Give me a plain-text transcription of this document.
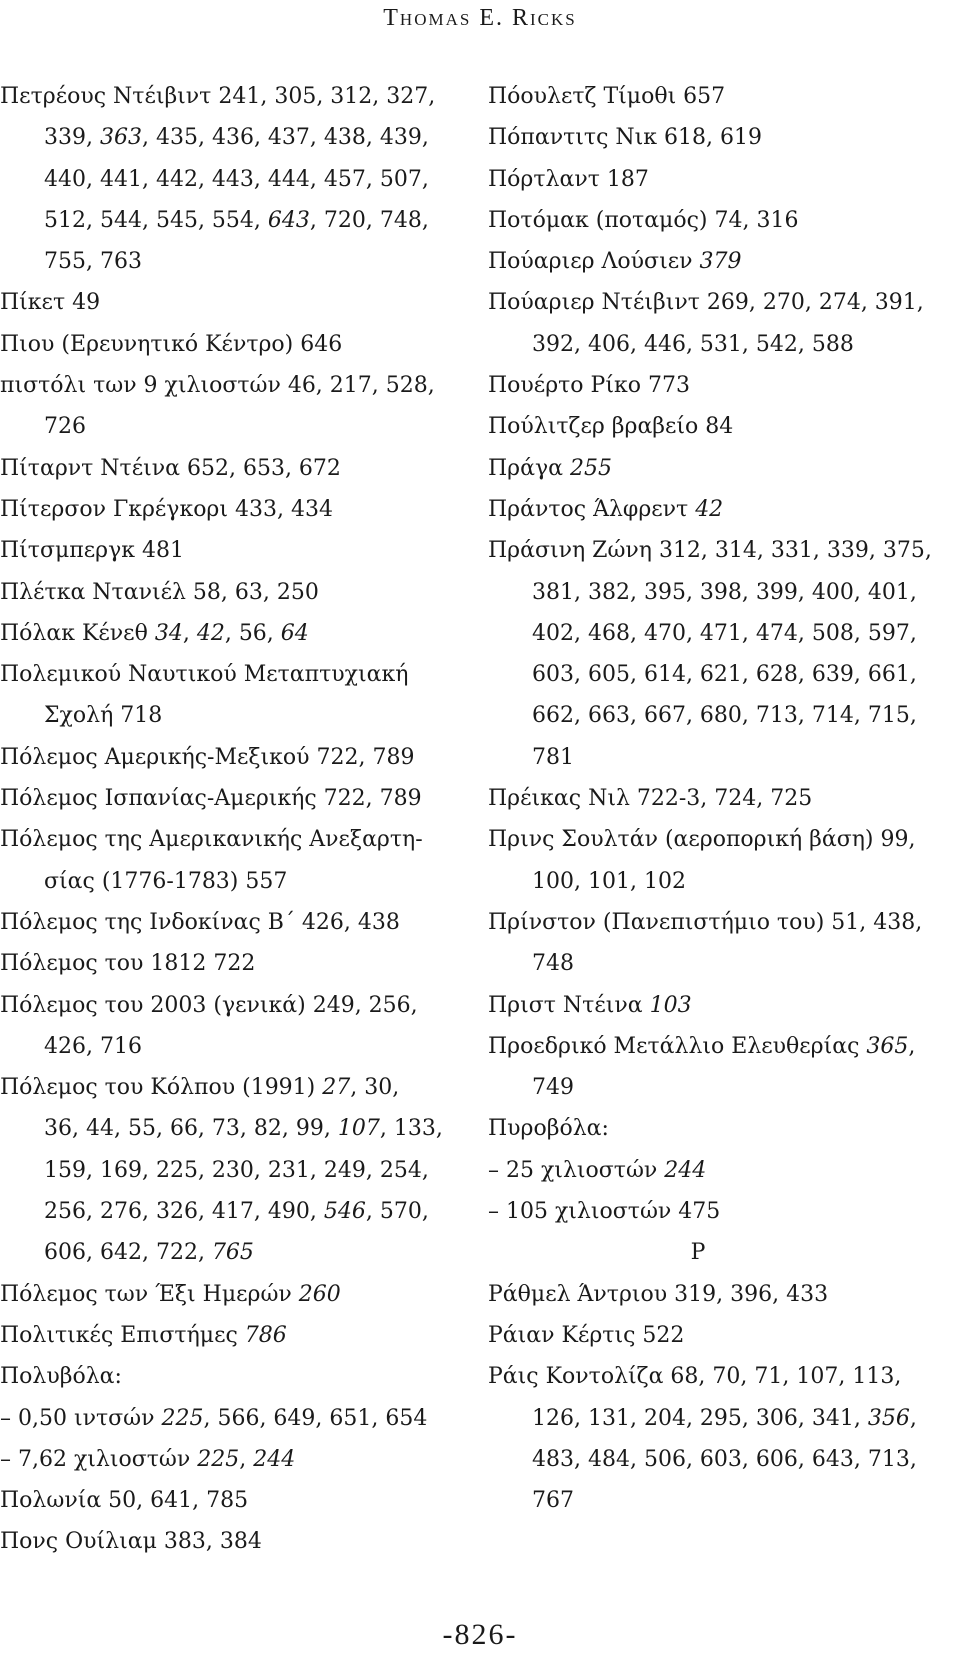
Thomas E. Ricks
Πετρέους Ντέιβιντ 241, 305, 312, 327,
339, 363, 435, 436, 437, 438, 439,
440, 441, 442, 443, 444, 457, 507,
512, 544, 545, 554, 643, 720, 748,
755, 763
Πίκετ 49
Πιου (Ερευνητικό Κέντρο) 646
πιστόλι των 9 χιλιοστών 46, 217, 528,
726
Πίταρντ Ντέινα 652, 653, 672
Πίτερσον Γκρέγκορι 433, 434
Πίτσμπεργκ 481
Πλέτκα Ντανιέλ 58, 63, 250
Πόλακ Κένεθ 34, 42, 56, 64
Πολεμικού Ναυτικού Μεταπτυχιακή
Σχολή 718
Πόλεμος Αμερικής-Μεξικού 722, 789
Πόλεμος Ισπανίας-Αμερικής 722, 789
Πόλεμος της Αμερικανικής Ανεξαρτη-
σίας (1776-1783) 557
Πόλεμος της Ινδοκίνας Β΄ 426, 438
Πόλεμος του 1812 722
Πόλεμος του 2003 (γενικά) 249, 256,
426, 716
Πόλεμος του Κόλπου (1991) 27, 30,
36, 44, 55, 66, 73, 82, 99, 107, 133,
159, 169, 225, 230, 231, 249, 254,
256, 276, 326, 417, 490, 546, 570,
606, 642, 722, 765
Πόλεμος των Έξι Ημερών 260
Πολιτικές Επιστήμες 786
Πολυβόλα:
– 0,50 ιντσών 225, 566, 649, 651, 654
– 7,62 χιλιοστών 225, 244
Πολωνία 50, 641, 785
Πονς Ουίλιαμ 383, 384
Πόουλετζ Τίμοθι 657
Πόπαντιτς Νικ 618, 619
Πόρτλαντ 187
Ποτόμακ (ποταμός) 74, 316
Πούαριερ Λούσιεν 379
Πούαριερ Ντέιβιντ 269, 270, 274, 391,
392, 406, 446, 531, 542, 588
Πουέρτο Ρίκο 773
Πούλιτζερ βραβείο 84
Πράγα 255
Πράντος Άλφρεντ 42
Πράσινη Ζώνη 312, 314, 331, 339, 375,
381, 382, 395, 398, 399, 400, 401,
402, 468, 470, 471, 474, 508, 597,
603, 605, 614, 621, 628, 639, 661,
662, 663, 667, 680, 713, 714, 715,
781
Πρέικας Νιλ 722-3, 724, 725
Πρινς Σουλτάν (αεροπορική βάση) 99,
100, 101, 102
Πρίνστον (Πανεπιστήμιο του) 51, 438,
748
Πριστ Ντέινα 103
Προεδρικό Μετάλλιο Ελευθερίας 365,
749
Πυροβόλα:
– 25 χιλιοστών 244
– 105 χιλιοστών 475
Ρ
Ράθμελ Άντριου 319, 396, 433
Ράιαν Κέρτις 522
Ράις Κοντολίζα 68, 70, 71, 107, 113,
126, 131, 204, 295, 306, 341, 356,
483, 484, 506, 603, 606, 643, 713,
767
-826-
